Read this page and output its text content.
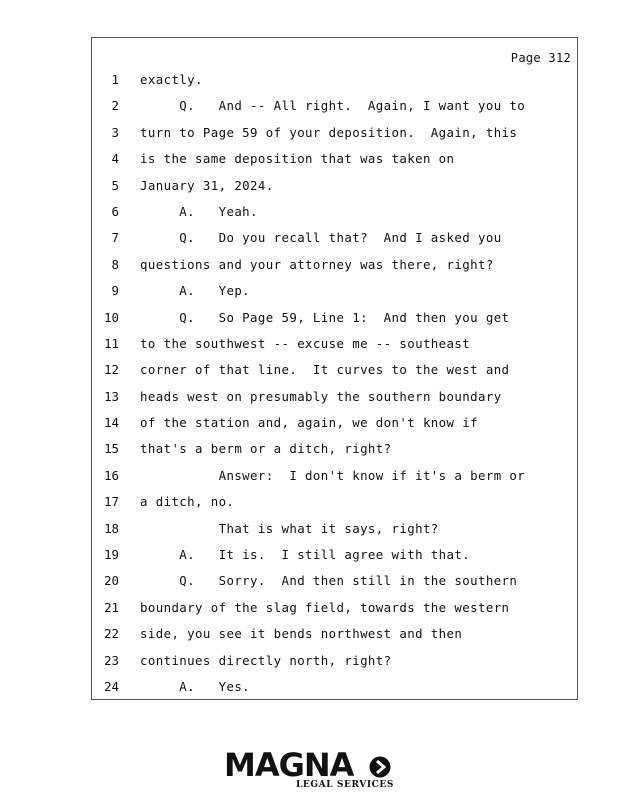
Page 312
1 exactly.
2 Q.   And -- All right.  Again, I want you to
3 turn to Page 59 of your deposition.  Again, this
4 is the same deposition that was taken on
5 January 31, 2024.
6 A.   Yeah.
7 Q.   Do you recall that?  And I asked you
8 questions and your attorney was there, right?
9 A.   Yep.
10 Q.   So Page 59, Line 1:  And then you get
11 to the southwest -- excuse me -- southeast
12 corner of that line.  It curves to the west and
13 heads west on presumably the southern boundary
14 of the station and, again, we don't know if
15 that's a berm or a ditch, right?
16 Answer:  I don't know if it's a berm or
17 a ditch, no.
18 That is what it says, right?
19 A.   It is.  I still agree with that.
20 Q.   Sorry.  And then still in the southern
21 boundary of the slag field, towards the western
22 side, you see it bends northwest and then
23 continues directly north, right?
24 A.   Yes.
MAGNA
LEGAL SERVICES
